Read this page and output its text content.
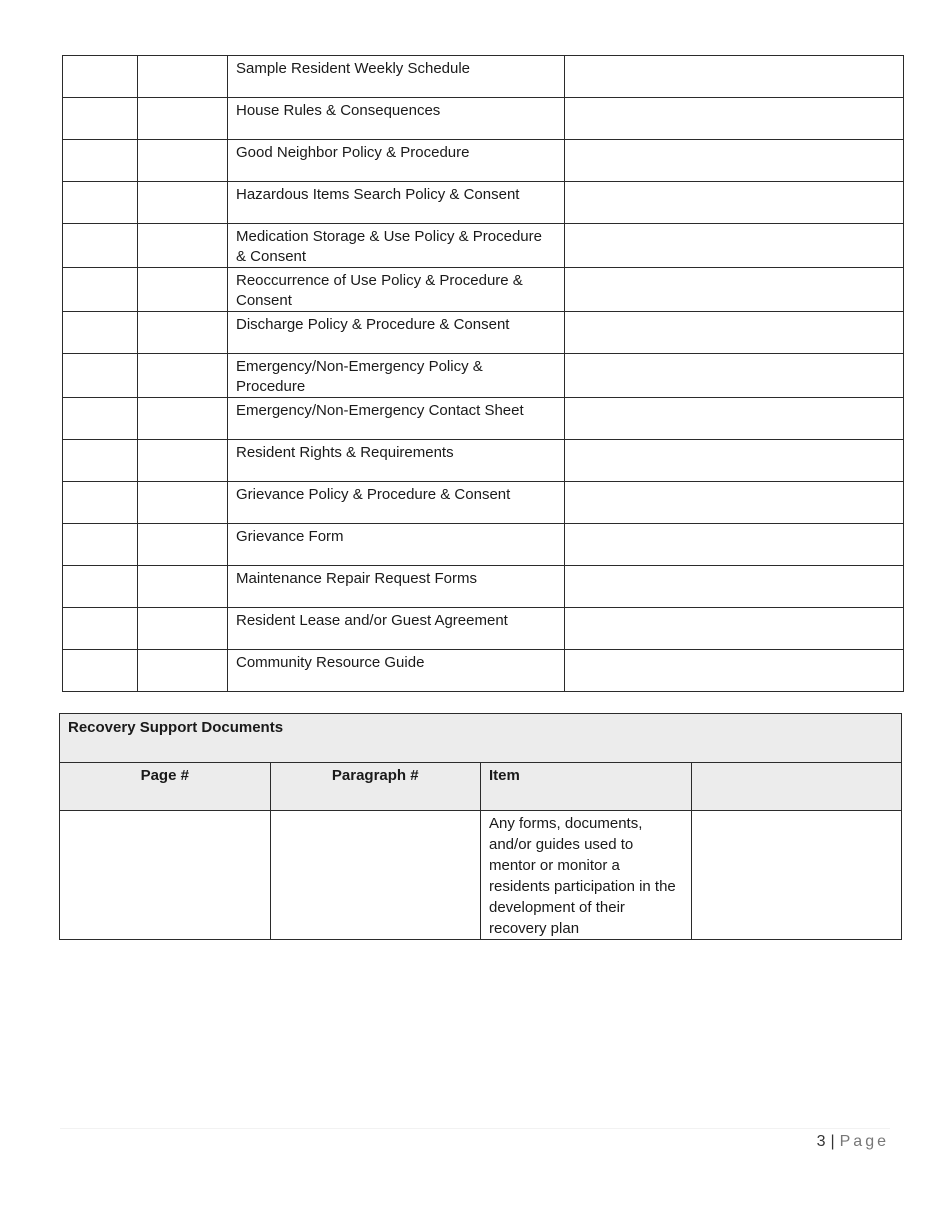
		Sample Resident Weekly Schedule	
		House Rules & Consequences	
		Good Neighbor Policy & Procedure	
		Hazardous Items Search Policy & Consent	
		Medication Storage & Use Policy & Procedure & Consent	
		Reoccurrence of Use Policy & Procedure & Consent	
		Discharge Policy & Procedure & Consent	
		Emergency/Non-Emergency Policy & Procedure	
		Emergency/Non-Emergency Contact Sheet	
		Resident Rights & Requirements	
		Grievance Policy & Procedure & Consent	
		Grievance Form	
		Maintenance Repair Request Forms	
		Resident Lease and/or Guest Agreement	
		Community Resource Guide	
Recovery Support Documents			
Page #	Paragraph #	Item	
		Any forms, documents, and/or guides used to mentor or monitor a residents participation in the development of their recovery plan	
3 | Page
